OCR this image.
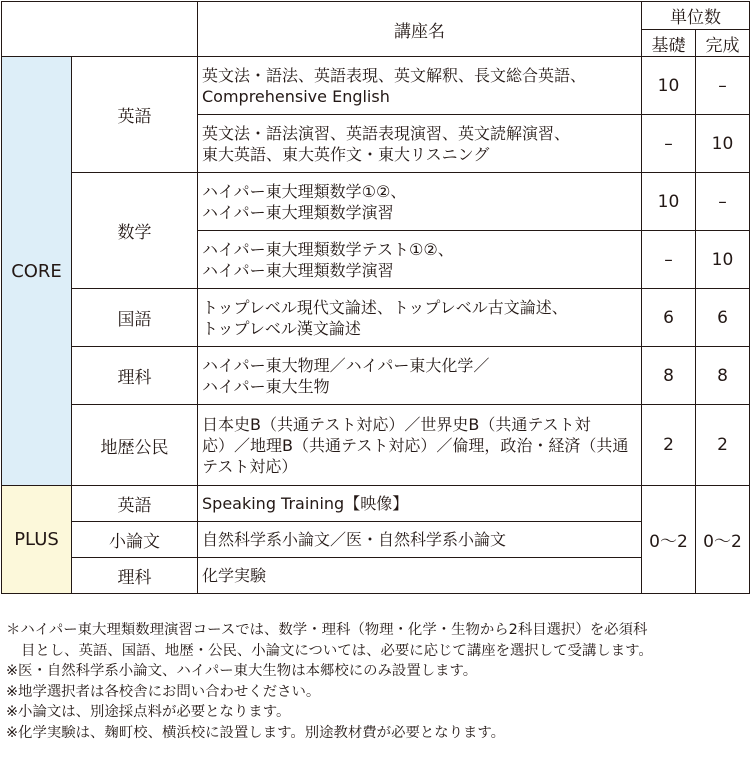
		講座名	単位数	
			基礎	完成
CORE	英語	英文法・語法、英語表現、英文解釈、長文総合英語、
Comprehensive English	10	–

		英文法・語法演習、英語表現演習、英文読解演習、
東大英語、東大英作文・東大リスニング	–	10
	数学	ハイパー東大理類数学①②、
ハイパー東大理類数学演習	10	–

		ハイパー東大理類数学テスト①②、
ハイパー東大理類数学演習	–	10
	国語	トップレベル現代文論述、トップレベル古文論述、
トップレベル漢文論述	6	6
	理科	ハイパー東大物理／ハイパー東大化学／
ハイパー東大生物	8	8
	地歴公民	日本史B（共通テスト対応）／世界史B（共通テスト対
応）／地理B（共通テスト対応）／倫理，政治・経済（共通
テスト対応）	2	2

PLUS	英語	Speaking Training【映像】	0～2	0～2
	小論文	自然科学系小論文／医・自然科学系小論文		
	理科	化学実験		
＊ハイパー東大理類数理演習コースでは、数学・理科（物理・化学・生物から2科目選択）を必須科
目とし、英語、国語、地歴・公民、小論文については、必要に応じて講座を選択して受講します。
※医・自然科学系小論文、ハイパー東大生物は本郷校にのみ設置します。
※地学選択者は各校舎にお問い合わせください。
※小論文は、別途採点料が必要となります。
※化学実験は、麹町校、横浜校に設置します。別途教材費が必要となります。
